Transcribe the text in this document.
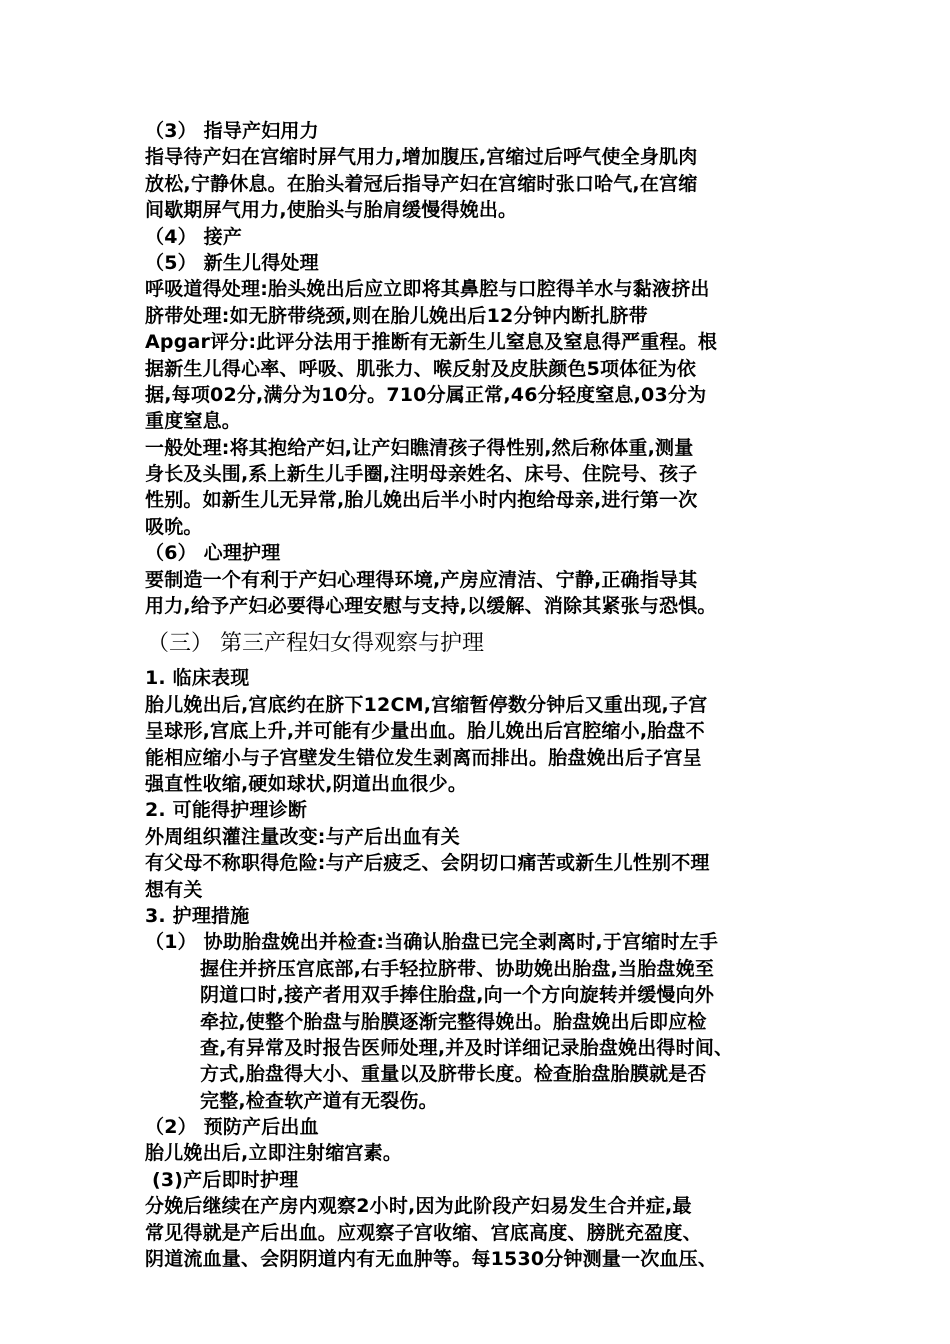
（3） 指导产妇用力
指导待产妇在宫缩时屏气用力,增加腹压,宫缩过后呼气使全身肌肉
放松,宁静休息。在胎头着冠后指导产妇在宫缩时张口哈气,在宫缩
间歇期屏气用力,使胎头与胎肩缓慢得娩出。
（4） 接产
（5） 新生儿得处理
呼吸道得处理:胎头娩出后应立即将其鼻腔与口腔得羊水与黏液挤出
脐带处理:如无脐带绕颈,则在胎儿娩出后12分钟内断扎脐带
Apgar评分:此评分法用于推断有无新生儿窒息及窒息得严重程。根
据新生儿得心率、呼吸、肌张力、喉反射及皮肤颜色5项体征为依
据,每项02分,满分为10分。710分属正常,46分轻度窒息,03分为
重度窒息。
一般处理:将其抱给产妇,让产妇瞧清孩子得性别,然后称体重,测量
身长及头围,系上新生儿手圈,注明母亲姓名、床号、住院号、孩子
性别。如新生儿无异常,胎儿娩出后半小时内抱给母亲,进行第一次
吸吮。
（6） 心理护理
要制造一个有利于产妇心理得环境,产房应清洁、宁静,正确指导其
用力,给予产妇必要得心理安慰与支持,以缓解、消除其紧张与恐惧。
（三） 第三产程妇女得观察与护理
1. 临床表现
胎儿娩出后,宫底约在脐下12CM,宫缩暂停数分钟后又重出现,子宫
呈球形,宫底上升,并可能有少量出血。胎儿娩出后宫腔缩小,胎盘不
能相应缩小与子宫壁发生错位发生剥离而排出。胎盘娩出后子宫呈
强直性收缩,硬如球状,阴道出血很少。
2. 可能得护理诊断
外周组织灌注量改变:与产后出血有关
有父母不称职得危险:与产后疲乏、会阴切口痛苦或新生儿性别不理
想有关
3. 护理措施
（1） 协助胎盘娩出并检查:当确认胎盘已完全剥离时,于宫缩时左手
握住并挤压宫底部,右手轻拉脐带、协助娩出胎盘,当胎盘娩至
阴道口时,接产者用双手捧住胎盘,向一个方向旋转并缓慢向外
牵拉,使整个胎盘与胎膜逐渐完整得娩出。胎盘娩出后即应检
查,有异常及时报告医师处理,并及时详细记录胎盘娩出得时间、
方式,胎盘得大小、重量以及脐带长度。检查胎盘胎膜就是否
完整,检查软产道有无裂伤。
（2） 预防产后出血
胎儿娩出后,立即注射缩宫素。
(3)产后即时护理
分娩后继续在产房内观察2小时,因为此阶段产妇易发生合并症,最
常见得就是产后出血。应观察子宫收缩、宫底高度、膀胱充盈度、
阴道流血量、会阴阴道内有无血肿等。每1530分钟测量一次血压、
